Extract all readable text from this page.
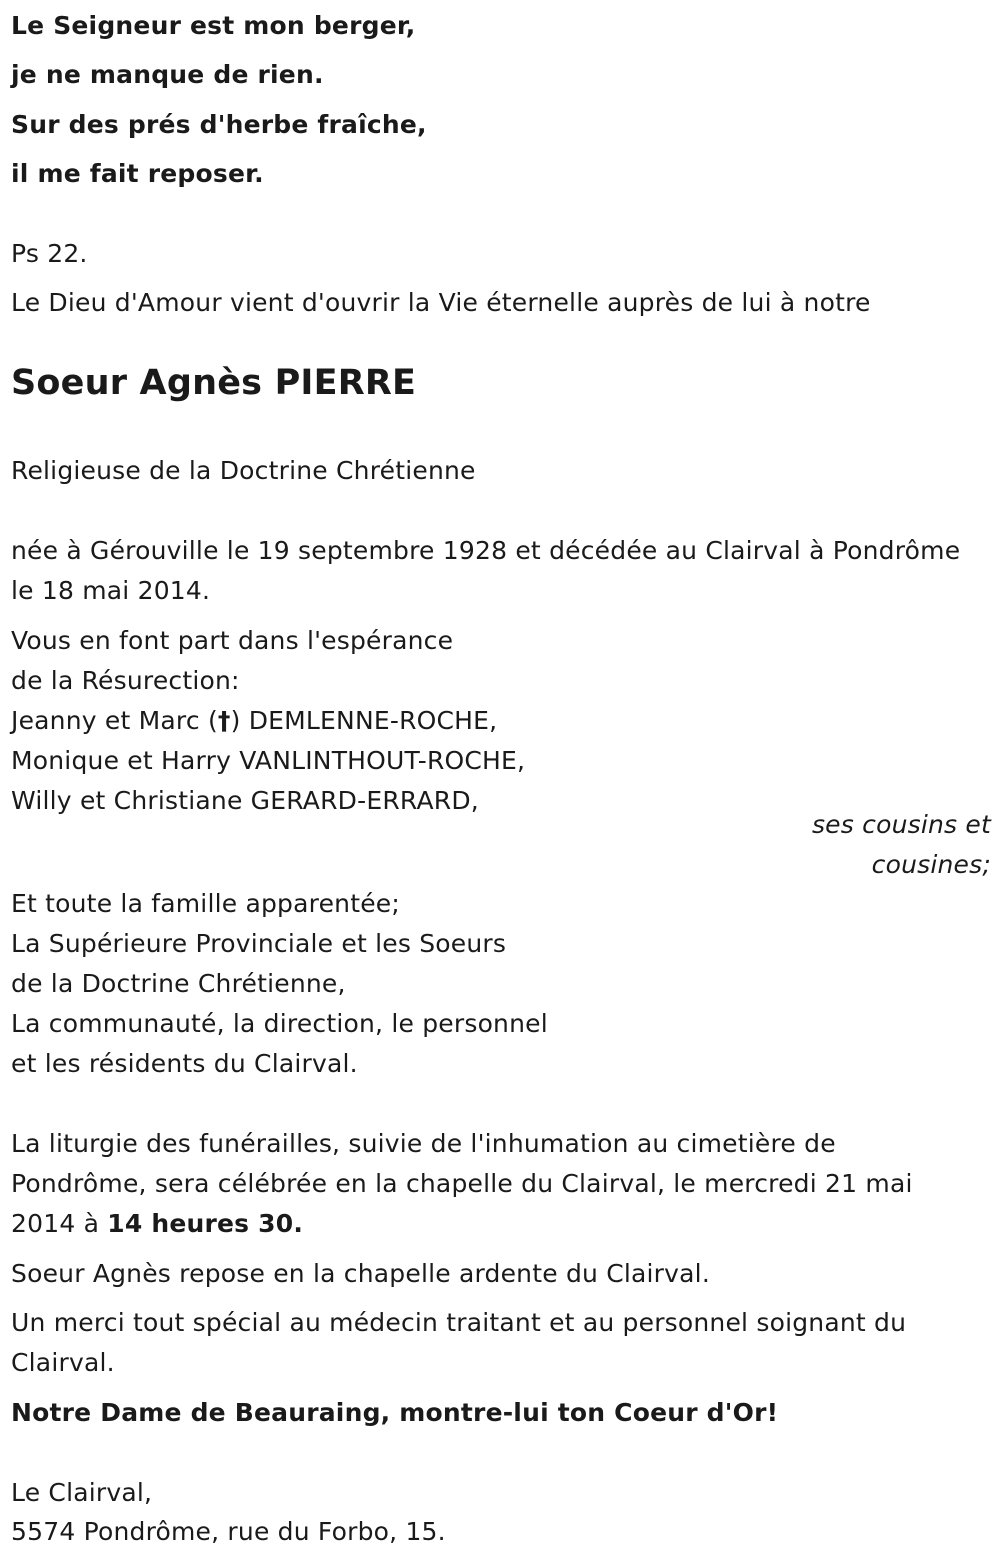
Le Seigneur est mon berger,
je ne manque de rien.
Sur des prés d'herbe fraîche,
il me fait reposer.
Ps 22.
Le Dieu d'Amour vient d'ouvrir la Vie éternelle auprès de lui à notre
Soeur Agnès PIERRE
Religieuse de la Doctrine Chrétienne
née à Gérouville le 19 septembre 1928 et décédée au Clairval à Pondrôme
le 18 mai 2014.
Vous en font part dans l'espérance
de la Résurection:
Jeanny et Marc (†) DEMLENNE-ROCHE,
Monique et Harry VANLINTHOUT-ROCHE,
Willy et Christiane GERARD-ERRARD,
ses cousins et
cousines;
Et toute la famille apparentée;
La Supérieure Provinciale et les Soeurs
de la Doctrine Chrétienne,
La communauté, la direction, le personnel
et les résidents du Clairval.
La liturgie des funérailles, suivie de l'inhumation au cimetière de
Pondrôme, sera célébrée en la chapelle du Clairval, le mercredi 21 mai
2014 à 14 heures 30.
Soeur Agnès repose en la chapelle ardente du Clairval.
Un merci tout spécial au médecin traitant et au personnel soignant du
Clairval.
Notre Dame de Beauraing, montre-lui ton Coeur d'Or!
Le Clairval,
5574 Pondrôme, rue du Forbo, 15.
